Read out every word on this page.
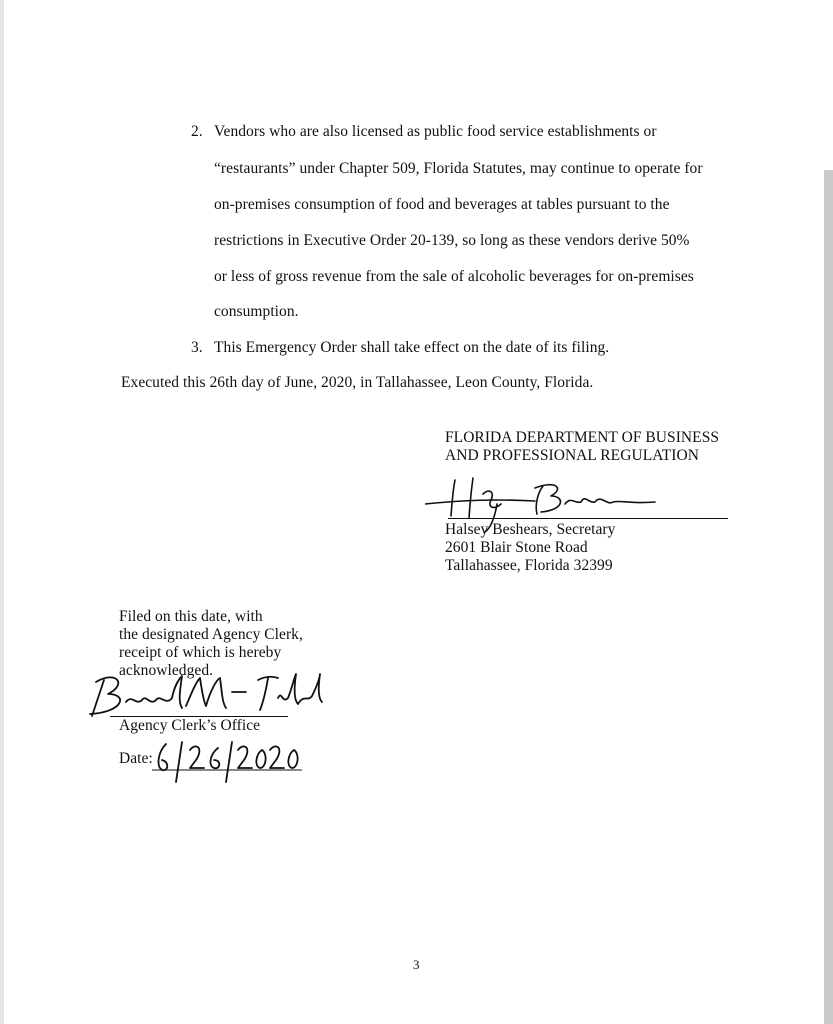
2. Vendors who are also licensed as public food service establishments or
“restaurants” under Chapter 509, Florida Statutes, may continue to operate for
on-premises consumption of food and beverages at tables pursuant to the
restrictions in Executive Order 20-139, so long as these vendors derive 50%
or less of gross revenue from the sale of alcoholic beverages for on-premises
consumption.
3. This Emergency Order shall take effect on the date of its filing.
Executed this 26th day of June, 2020, in Tallahassee, Leon County, Florida.
FLORIDA DEPARTMENT OF BUSINESS
AND PROFESSIONAL REGULATION
Halsey Beshears, Secretary
2601 Blair Stone Road
Tallahassee, Florida 32399
Filed on this date, with
the designated Agency Clerk,
receipt of which is hereby
acknowledged.
Agency Clerk’s Office
Date:
3
